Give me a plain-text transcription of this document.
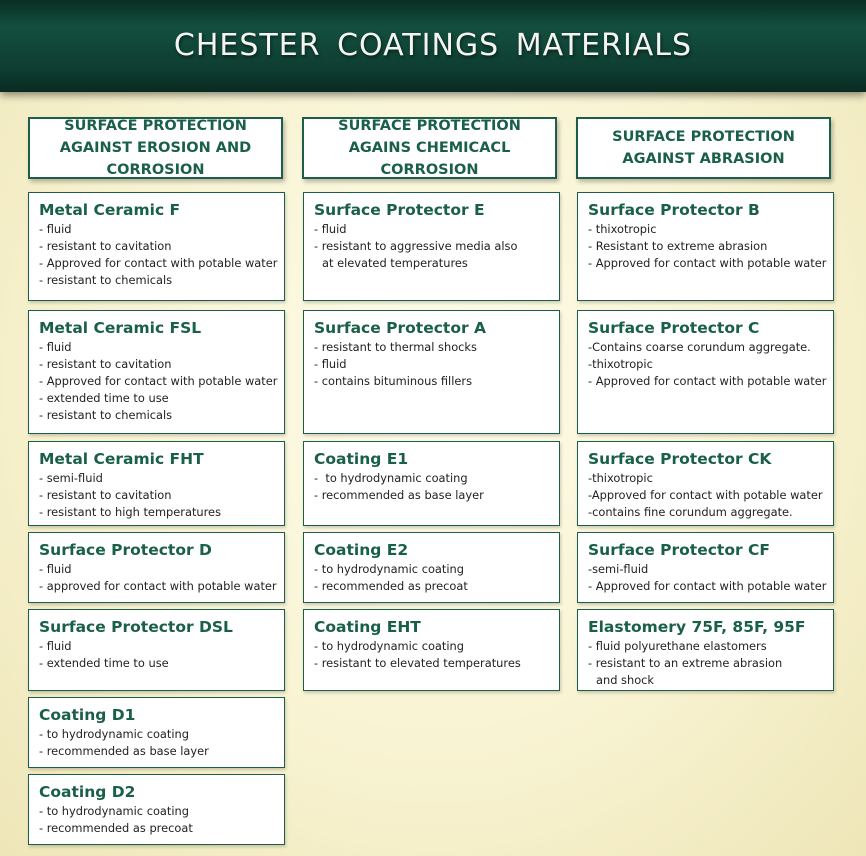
CHESTER COATINGS MATERIALS
SURFACE PROTECTION AGAINST EROSION AND CORROSION
SURFACE PROTECTION AGAINS CHEMICACL CORROSION
SURFACE PROTECTION AGAINST ABRASION
Metal Ceramic F
- fluid
- resistant to cavitation
- Approved for contact with potable water
- resistant to chemicals
Metal Ceramic FSL
- fluid
- resistant to cavitation
- Approved for contact with potable water
- extended time to use
- resistant to chemicals
Metal Ceramic FHT
- semi-fluid
- resistant to cavitation
- resistant to high temperatures
Surface Protector D
- fluid
- approved for contact with potable water
Surface Protector DSL
- fluid
- extended time to use
Coating D1
- to hydrodynamic coating
- recommended as base layer
Coating D2
- to hydrodynamic coating
- recommended as precoat
Surface Protector E
- fluid
- resistant to aggressive media also
at elevated temperatures
Surface Protector A
- resistant to thermal shocks
- fluid
- contains bituminous fillers
Coating E1
-  to hydrodynamic coating
- recommended as base layer
Coating E2
- to hydrodynamic coating
- recommended as precoat
Coating EHT
- to hydrodynamic coating
- resistant to elevated temperatures
Surface Protector B
- thixotropic
- Resistant to extreme abrasion
- Approved for contact with potable water
Surface Protector C
-Contains coarse corundum aggregate.
-thixotropic
- Approved for contact with potable water
Surface Protector CK
-thixotropic
-Approved for contact with potable water
-contains fine corundum aggregate.
Surface Protector CF
-semi-fluid
- Approved for contact with potable water
Elastomery 75F, 85F, 95F
- fluid polyurethane elastomers
- resistant to an extreme abrasion
and shock
